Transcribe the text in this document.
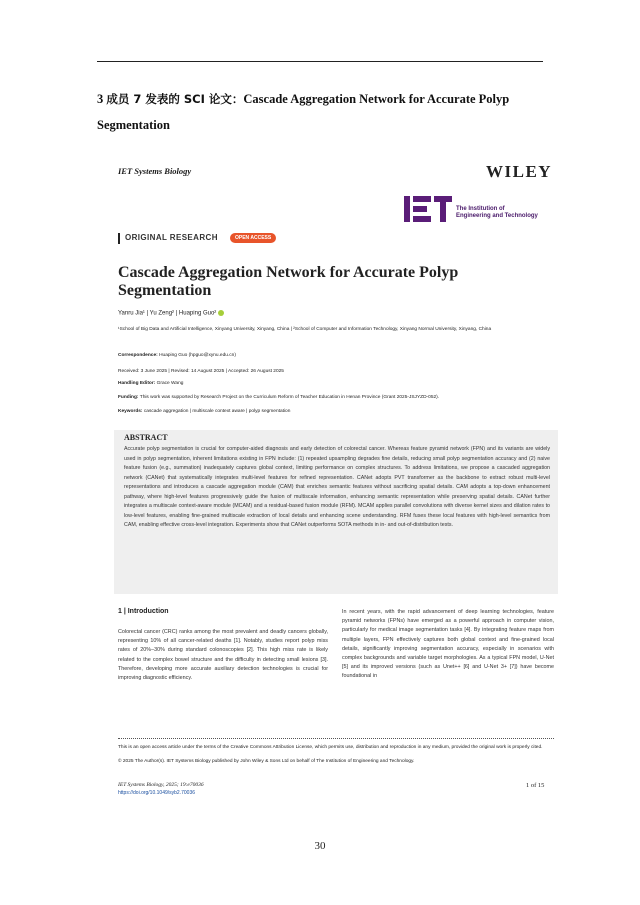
3 成员 7 发表的 SCI 论文：Cascade Aggregation Network for Accurate Polyp
Segmentation
IET Systems Biology	WILEY
The Institution of
Engineering and Technology
ORIGINAL RESEARCH	OPEN ACCESS
Cascade Aggregation Network for Accurate Polyp
Segmentation
Yanru Jia¹ | Yu Zeng² | Huaping Guo²
¹School of Big Data and Artificial Intelligence, Xinyang University, Xinyang, China | ²School of Computer and Information Technology, Xinyang Normal University, Xinyang, China
Correspondence: Huaping Guo (hpguo@xynu.edu.cn)
Received: 3 June 2025 | Revised: 14 August 2025 | Accepted: 26 August 2025
Handling Editor: Grace Wang
Funding: This work was supported by Research Project on the Curriculum Reform of Teacher Education in Henan Province (Grant 2025-JSJYZD-052).
Keywords: cascade aggregation | multiscale context aware | polyp segmentation
ABSTRACT
Accurate polyp segmentation is crucial for computer-aided diagnosis and early detection of colorectal cancer. Whereas feature pyramid network (FPN) and its variants are widely used in polyp segmentation, inherent limitations existing in FPN include: (1) repeated upsampling degrades fine details, reducing small polyp segmentation accuracy and (2) naive feature fusion (e.g., summation) inadequately captures global context, limiting performance on complex structures. To address limitations, we propose a cascaded aggregation network (CANet) that systematically integrates multi-level features for refined representation. CANet adopts PVT transformer as the backbone to extract robust multi-level representations and introduces a cascade aggregation module (CAM) that enriches semantic features without sacrificing spatial details. CAM adopts a top-down enhancement pathway, where high-level features progressively guide the fusion of multiscale information, enhancing semantic representation while preserving spatial details. CANet further integrates a multiscale context-aware module (MCAM) and a residual-based fusion module (RFM). MCAM applies parallel convolutions with diverse kernel sizes and dilation rates to low-level features, enabling fine-grained multiscale extraction of local details and enhancing scene understanding. RFM fuses these local features with high-level semantics from CAM, enabling effective cross-level integration. Experiments show that CANet outperforms SOTA methods in in- and out-of-distribution tests.
1 | Introduction
Colorectal cancer (CRC) ranks among the most prevalent and deadly cancers globally, representing 10% of all cancer-related deaths [1]. Notably, studies report polyp miss rates of 20%–30% during standard colonoscopies [2]. This high miss rate is likely related to the complex bowel structure and the difficulty in detecting small lesions [3]. Therefore, developing more accurate auxiliary detection technologies is crucial for improving diagnostic efficiency.
In recent years, with the rapid advancement of deep learning technologies, feature pyramid networks (FPNs) have emerged as a powerful approach in computer vision, particularly for medical image segmentation tasks [4]. By integrating feature maps from multiple layers, FPN effectively captures both global context and fine-grained local details, significantly improving segmentation accuracy, especially in scenarios with complex backgrounds and variable target morphologies. As a typical FPN model, U-Net [5] and its improved versions (such as Unet++ [6] and U-Net 3+ [7]) have become foundational in
This is an open access article under the terms of the Creative Commons Attribution License, which permits use, distribution and reproduction in any medium, provided the original work is properly cited.
© 2025 The Author(s). IET Systems Biology published by John Wiley & Sons Ltd on behalf of The Institution of Engineering and Technology.
IET Systems Biology, 2025; 19:e70036
https://doi.org/10.1049/syb2.70036
1 of 15
30
